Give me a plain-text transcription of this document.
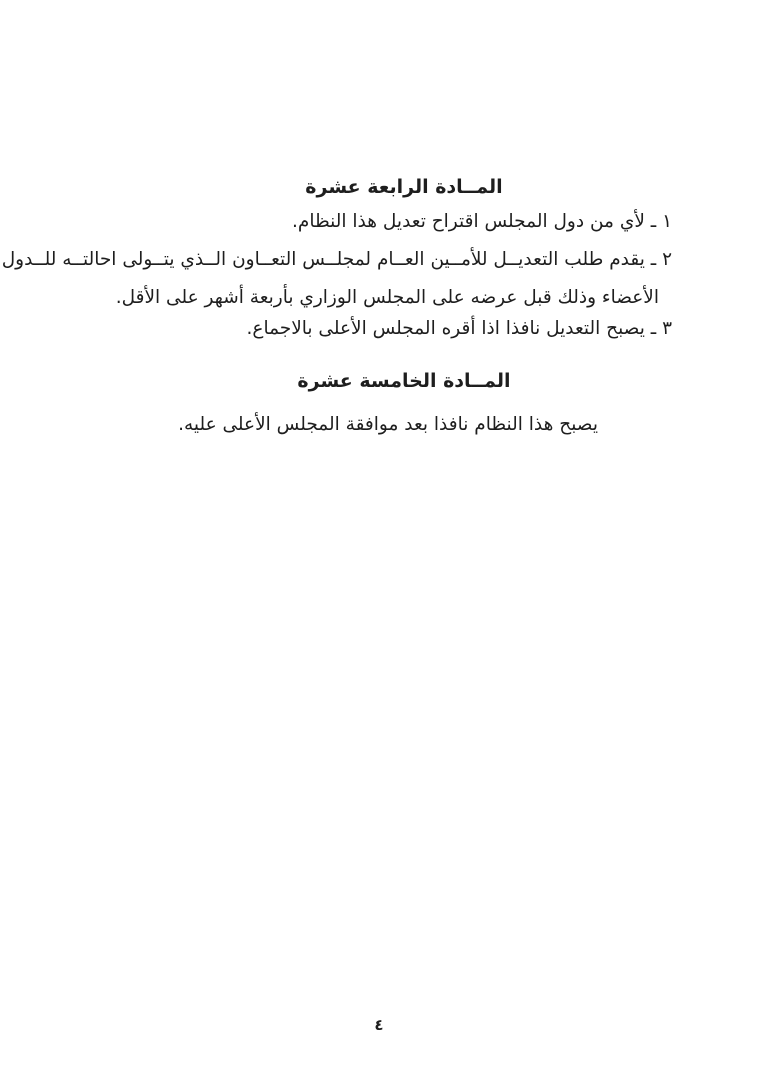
المــادة الرابعة عشرة

١ ـ لأي من دول المجلس اقتراح تعديل هذا النظام.

٢ ـ يقدم طلب التعديــل للأمــين العــام لمجلــس التعــاون الــذي يتــولى احالتــه للــدول

الأعضاء وذلك قبل عرضه على المجلس الوزاري بأربعة أشهر على الأقل.

٣ ـ يصبح التعديل نافذا اذا أقره المجلس الأعلى بالاجماع.

المــادة الخامسة عشرة

يصبح هذا النظام نافذا بعد موافقة المجلس الأعلى عليه.

٤
